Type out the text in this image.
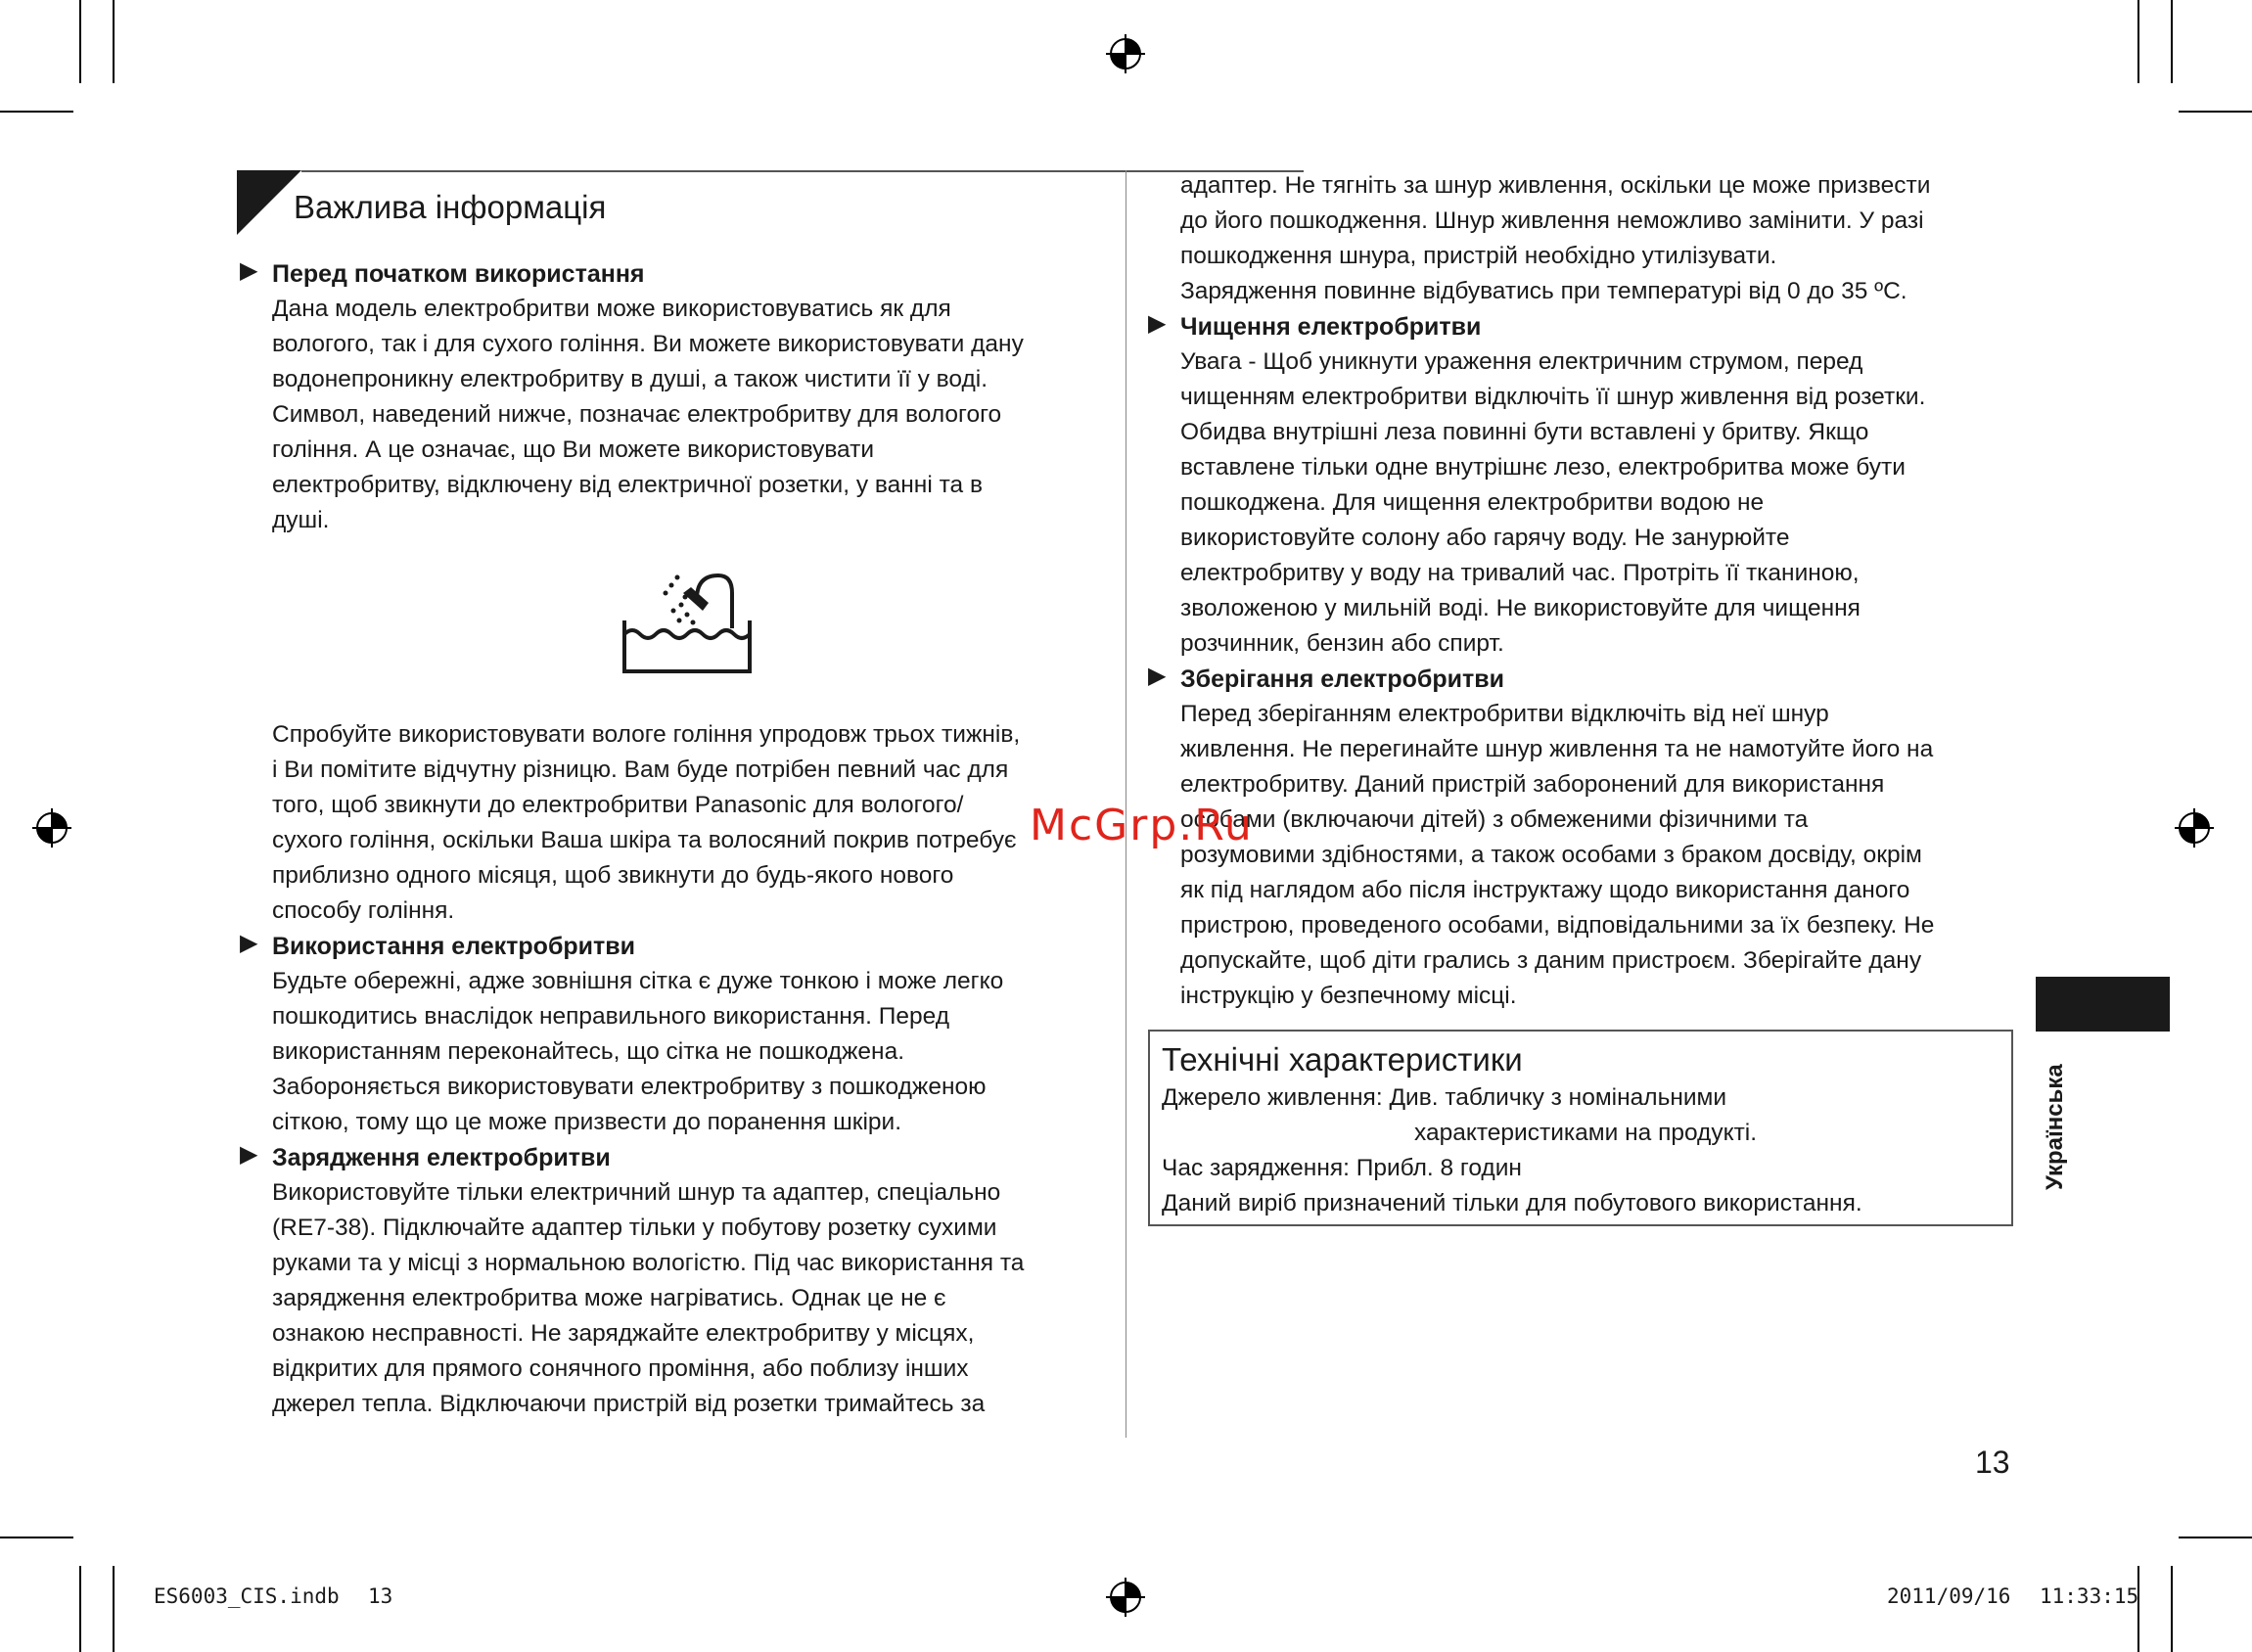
Важлива інформація
▶ Перед початком використання
Дана модель електробритви може використовуватись як для
вологого, так і для сухого гоління. Ви можете використовувати дану
водонепроникну електробритву в душі, а також чистити її у воді.
Символ, наведений нижче, позначає електробритву для вологого
гоління. А це означає, що Ви можете використовувати
електробритву, відключену від електричної розетки, у ванні та в
душі.
Спробуйте використовувати вологе гоління упродовж трьох тижнів,
і Ви помітите відчутну різницю. Вам буде потрібен певний час для
того, щоб звикнути до електробритви Panasonic для вологого/
сухого гоління, оскільки Ваша шкіра та волосяний покрив потребує
приблизно одного місяця, щоб звикнути до будь-якого нового
способу гоління.
▶ Використання електробритви
Будьте обережні, адже зовнішня сітка є дуже тонкою і може легко
пошкодитись внаслідок неправильного використання. Перед
використанням переконайтесь, що сітка не пошкоджена.
Забороняється використовувати електробритву з пошкодженою
сіткою, тому що це може призвести до поранення шкіри.
▶ Зарядження електробритви
Використовуйте тільки електричний шнур та адаптер, спеціально
(RE7-38). Підключайте адаптер тільки у побутову розетку сухими
руками та у місці з нормальною вологістю. Під час використання та
зарядження електробритва може нагріватись. Однак це не є
ознакою несправності. Не заряджайте електробритву у місцях,
відкритих для прямого сонячного проміння, або поблизу інших
джерел тепла. Відключаючи пристрій від розетки тримайтесь за
адаптер. Не тягніть за шнур живлення, оскільки це може призвести
до його пошкодження. Шнур живлення неможливо замінити. У разі
пошкодження шнура, пристрій необхідно утилізувати.
Зарядження повинне відбуватись при температурі від 0 до 35 ºC.
▶ Чищення електробритви
Увага - Щоб уникнути ураження електричним струмом, перед
чищенням електробритви відключіть її шнур живлення від розетки.
Обидва внутрішні леза повинні бути вставлені у бритву. Якщо
вставлене тільки одне внутрішнє лезо, електробритва може бути
пошкоджена. Для чищення електробритви водою не
використовуйте солону або гарячу воду. Не занурюйте
електробритву у воду на тривалий час. Протріть її тканиною,
зволоженою у мильній воді. Не використовуйте для чищення
розчинник, бензин або спирт.
▶ Зберігання електробритви
Перед зберіганням електробритви відключіть від неї шнур
живлення. Не перегинайте шнур живлення та не намотуйте його на
електробритву. Даний пристрій заборонений для використання
особами (включаючи дітей) з обмеженими фізичними та
розумовими здібностями, а також особами з браком досвіду, окрім
як під наглядом або після інструктажу щодо використання даного
пристрою, проведеного особами, відповідальними за їх безпеку. Не
допускайте, щоб діти грались з даним пристроєм. Зберігайте дану
інструкцію у безпечному місці.
Технічні характеристики
Джерело живлення: Див. табличку з номінальними
характеристиками на продукті.
Час зарядження: Прибл. 8 годин
Даний виріб призначений тільки для побутового використання.
Українська
McGrp.Ru
13
ES6003_CIS.indb 13	2011/09/16 11:33:15
